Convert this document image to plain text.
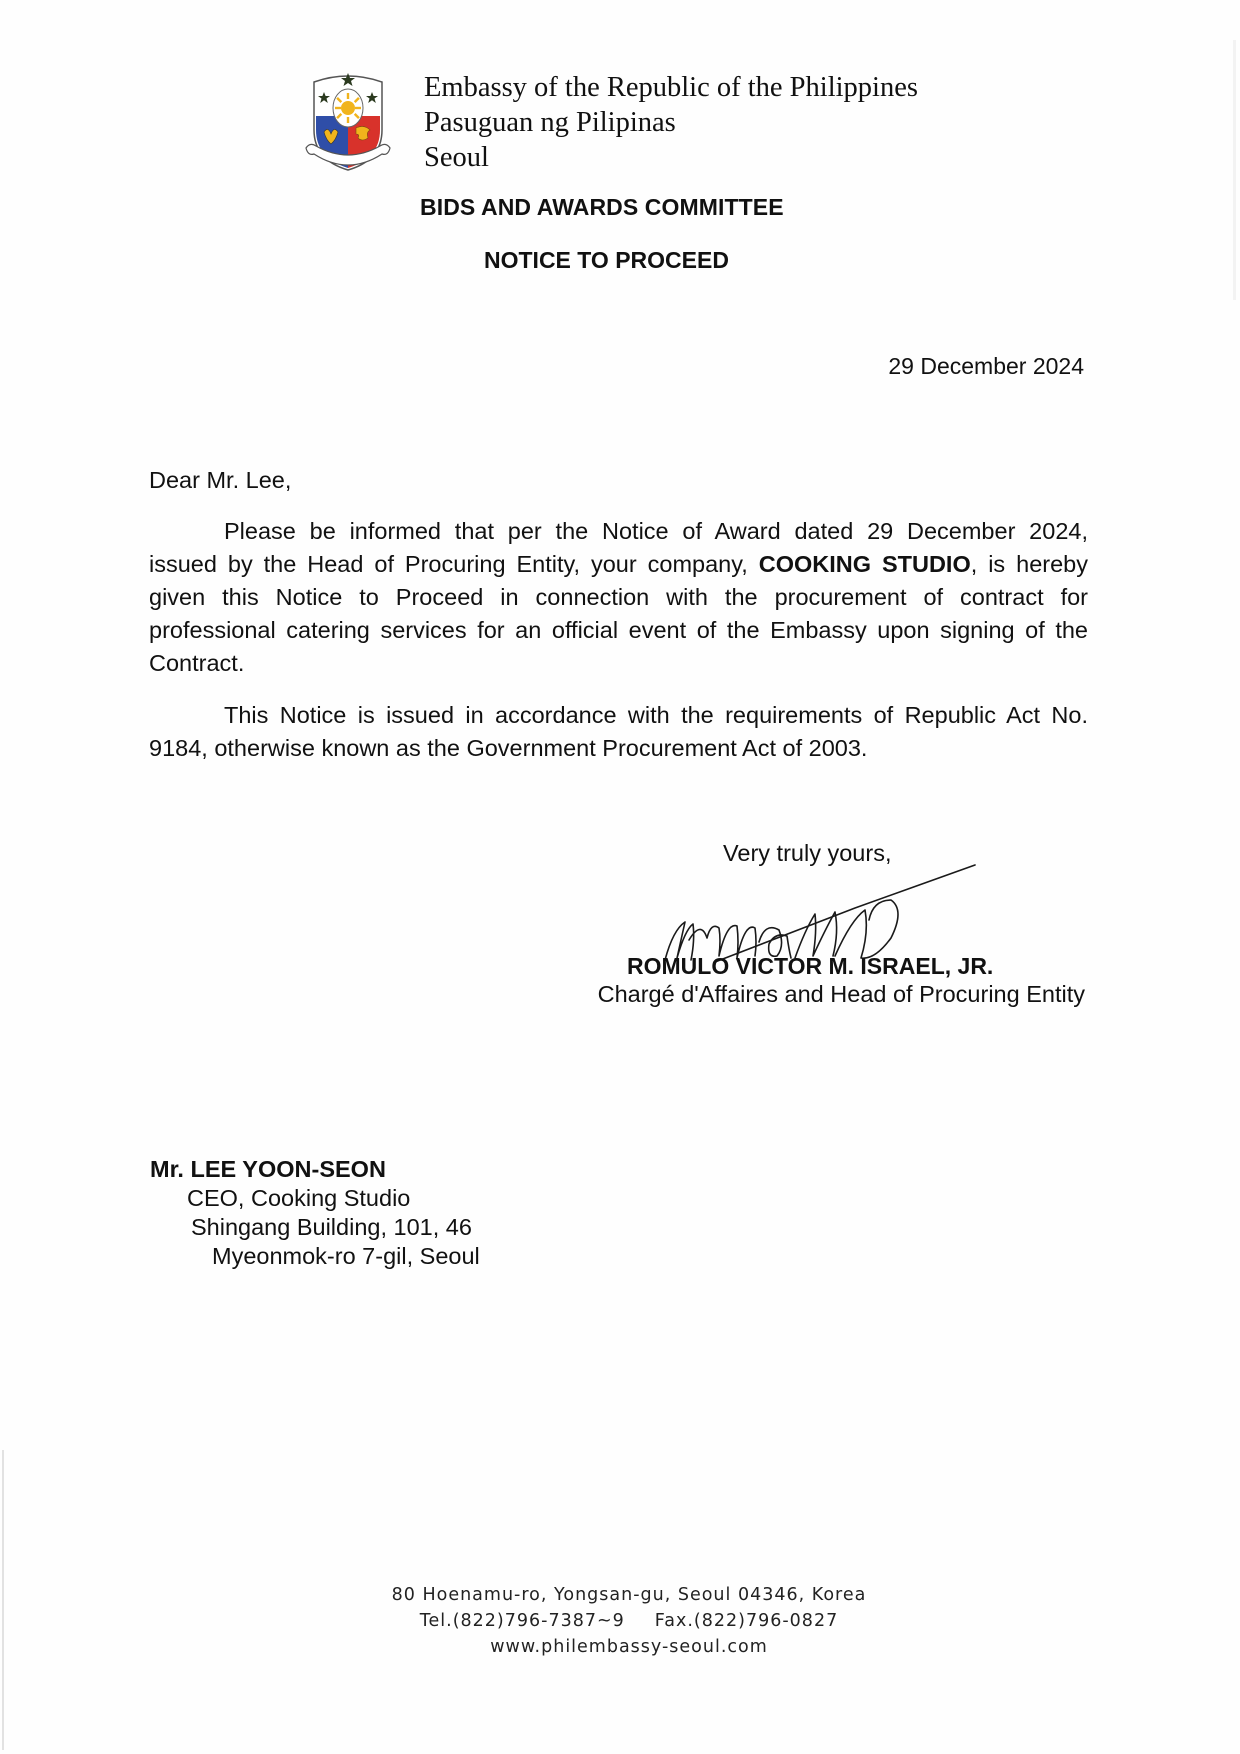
Embassy of the Republic of the Philippines
Pasuguan ng Pilipinas
Seoul
BIDS AND AWARDS COMMITTEE
NOTICE TO PROCEED
29 December 2024
Dear Mr. Lee,
Please be informed that per the Notice of Award dated 29 December 2024,
issued by the Head of Procuring Entity, your company, COOKING STUDIO, is hereby
given this Notice to Proceed in connection with the procurement of contract for
professional catering services for an official event of the Embassy upon signing of the
Contract.
This Notice is issued in accordance with the requirements of Republic Act No.
9184, otherwise known as the Government Procurement Act of 2003.
Very truly yours,
ROMULO VICTOR M. ISRAEL, JR.
Chargé d'Affaires and Head of Procuring Entity
Mr. LEE YOON-SEON
CEO, Cooking Studio
Shingang Building, 101, 46
Myeonmok-ro 7-gil, Seoul
80 Hoenamu-ro, Yongsan-gu, Seoul 04346, Korea
Tel.(822)796-7387~9 Fax.(822)796-0827
www.philembassy-seoul.com
